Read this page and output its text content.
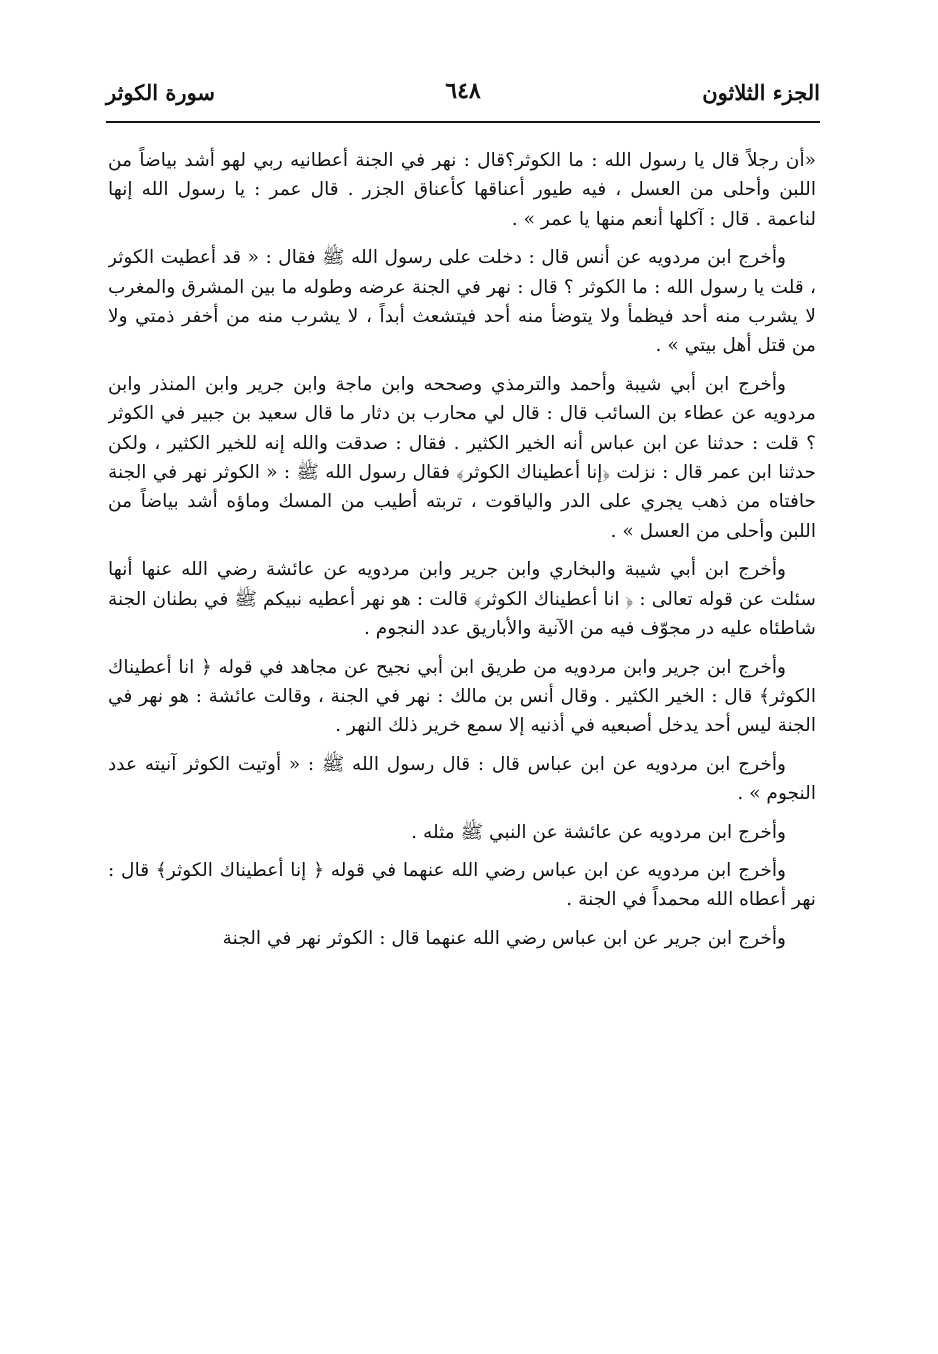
الجزء الثلاثون
٦٤٨
سورة الكوثر

«أن رجلاً قال يا رسول الله : ما الكوثر؟قال : نهر في الجنة أعطانيه ربي لهو أشد بياضاً من اللبن وأحلى من العسل ، فيه طيور أعناقها كأعناق الجزر . قال عمر : يا رسول الله إنها لناعمة . قال : آكلها أنعم منها يا عمر » .

وأخرج ابن مردويه عن أنس قال : دخلت على رسول الله ﷺ فقال : « قد أعطيت الكوثر ، قلت يا رسول الله : ما الكوثر ؟ قال : نهر في الجنة عرضه وطوله ما بين المشرق والمغرب لا يشرب منه أحد فيظمأ ولا يتوضأ منه أحد فيتشعث أبداً ، لا يشرب منه من أخفر ذمتي ولا من قتل أهل بيتي » .

وأخرج ابن أبي شيبة وأحمد والترمذي وصححه وابن ماجة وابن جرير وابن المنذر وابن مردويه عن عطاء بن السائب قال : قال لي محارب بن دثار ما قال سعيد بن جبير في الكوثر ؟ قلت : حدثنا عن ابن عباس أنه الخير الكثير . فقال : صدقت والله إنه للخير الكثير ، ولكن حدثنا ابن عمر قال : نزلت ﴿إنا أعطيناك الكوثر﴾ فقال رسول الله ﷺ : « الكوثر نهر في الجنة حافتاه من ذهب يجري على الدر والياقوت ، تربته أطيب من المسك وماؤه أشد بياضاً من اللبن وأحلى من العسل » .

وأخرج ابن أبي شيبة والبخاري وابن جرير وابن مردويه عن عائشة رضي الله عنها أنها سئلت عن قوله تعالى : ﴿ انا أعطيناك الكوثر﴾ قالت : هو نهر أعطيه نبيكم ﷺ في بطنان الجنة شاطئاه عليه در مجوّف فيه من الآنية والأباريق عدد النجوم .

وأخرج ابن جرير وابن مردويه من طريق ابن أبي نجيح عن مجاهد في قوله ﴿ انا أعطيناك الكوثر﴾ قال : الخير الكثير . وقال أنس بن مالك : نهر في الجنة ، وقالت عائشة : هو نهر في الجنة ليس أحد يدخل أصبعيه في أذنيه إلا سمع خرير ذلك النهر .

وأخرج ابن مردويه عن ابن عباس قال : قال رسول الله ﷺ : « أوتيت الكوثر آنيته عدد النجوم » .

وأخرج ابن مردويه عن عائشة عن النبي ﷺ مثله .

وأخرج ابن مردويه عن ابن عباس رضي الله عنهما في قوله ﴿ إنا أعطيناك الكوثر﴾ قال : نهر أعطاه الله محمداً في الجنة .

وأخرج ابن جرير عن ابن عباس رضي الله عنهما قال : الكوثر نهر في الجنة
